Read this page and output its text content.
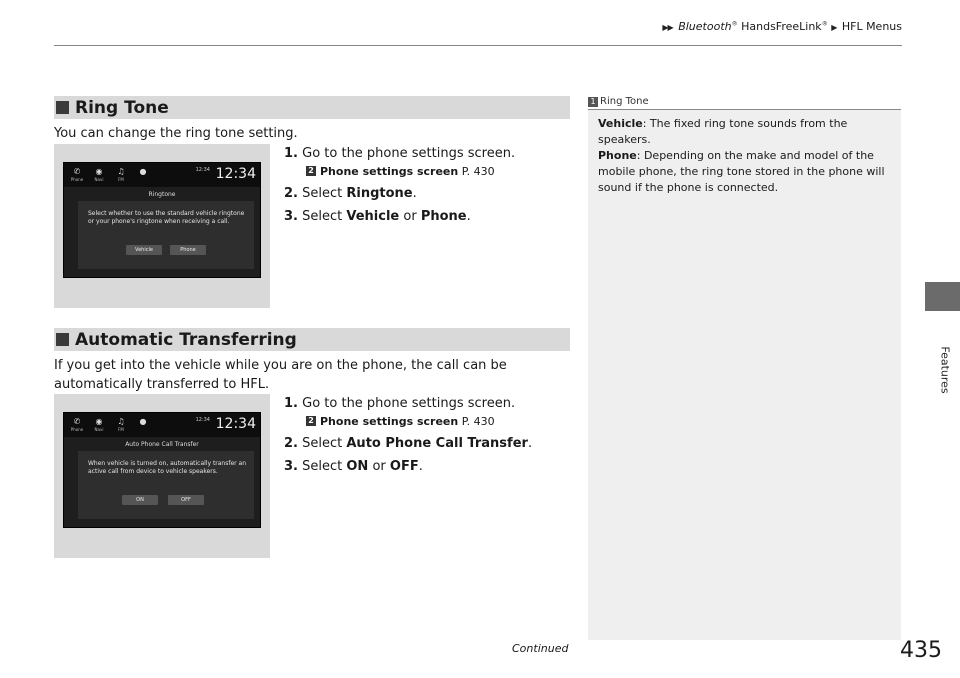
▶▶ Bluetooth® HandsFreeLink® ▶ HFL Menus
Features
Ring Tone
You can change the ring tone setting.
✆
Phone
◉
Navi
♫
FM
●	12:34 12:34
Ringtone
Select whether to use the standard vehicle ringtone or your phone's ringtone when receiving a call.
Vehicle	Phone
1. Go to the phone settings screen.
2 Phone settings screen P. 430
2. Select Ringtone.
3. Select Vehicle or Phone.
Automatic Transferring
If you get into the vehicle while you are on the phone, the call can be automatically transferred to HFL.
✆
Phone
◉
Navi
♫
FM
●	12:34 12:34
Auto Phone Call Transfer
When vehicle is turned on, automatically transfer an active call from device to vehicle speakers.
ON	OFF
1. Go to the phone settings screen.
2 Phone settings screen P. 430
2. Select Auto Phone Call Transfer.
3. Select ON or OFF.
1 Ring Tone

Vehicle: The fixed ring tone sounds from the speakers.

Phone: Depending on the make and model of the mobile phone, the ring tone stored in the phone will sound if the phone is connected.

Continued	435
